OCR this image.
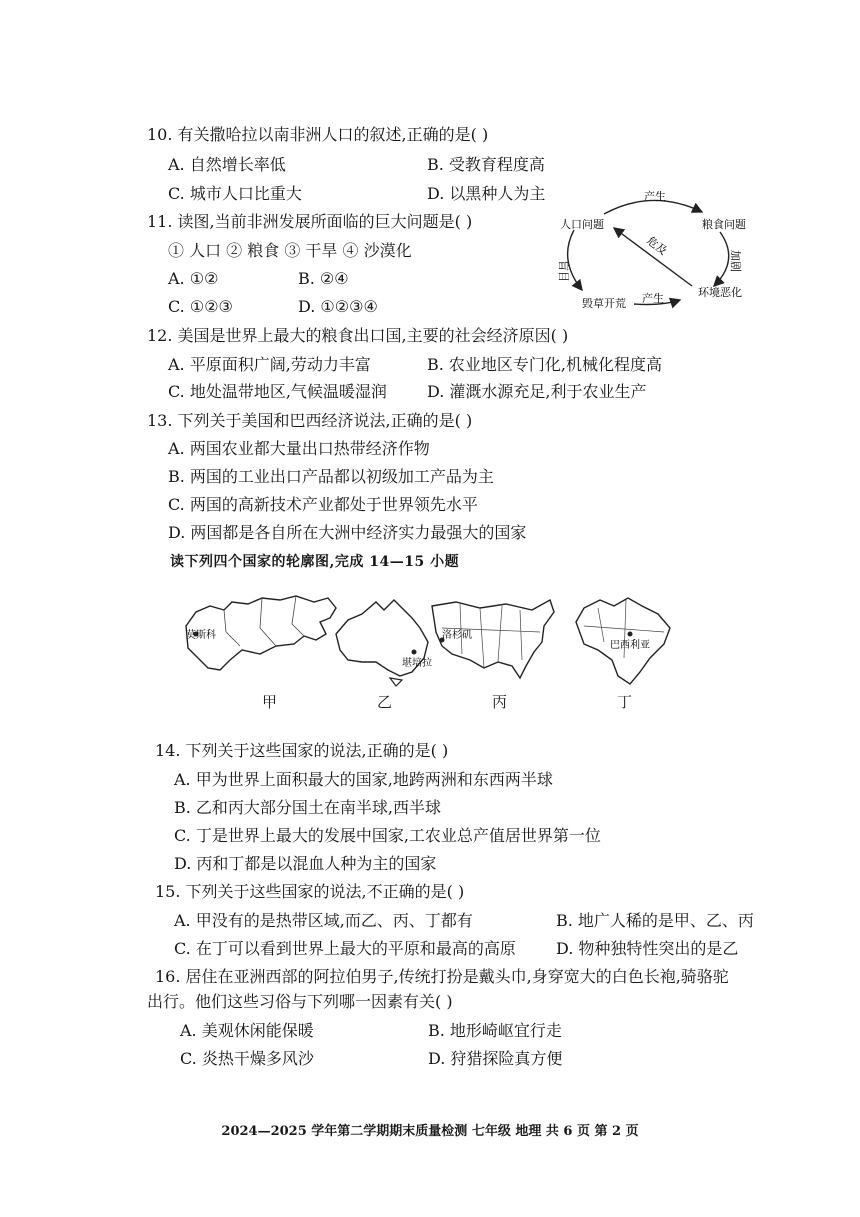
10. 有关撒哈拉以南非洲人口的叙述,正确的是( )
A. 自然增长率低	B. 受教育程度高
C. 城市人口比重大	D. 以黑种人为主
11. 读图,当前非洲发展所面临的巨大问题是( )
① 人口 ② 粮食 ③ 干旱 ④ 沙漠化
A. ①②	B. ②④
C. ①②③	D. ①②③④
人口问题	粮食问题
环境恶化
毁草开荒
产生
产生
盲目	加剧
危及
12. 美国是世界上最大的粮食出口国,主要的社会经济原因( )
A. 平原面积广阔,劳动力丰富	B. 农业地区专门化,机械化程度高
C. 地处温带地区,气候温暖湿润	D. 灌溉水源充足,利于农业生产
13. 下列关于美国和巴西经济说法,正确的是( )
A. 两国农业都大量出口热带经济作物
B. 两国的工业出口产品都以初级加工产品为主
C. 两国的高新技术产业都处于世界领先水平
D. 两国都是各自所在大洲中经济实力最强大的国家
读下列四个国家的轮廓图,完成 14—15 小题
莫斯科
堪培拉
洛杉矶
巴西利亚
甲	乙	丙	丁
14. 下列关于这些国家的说法,正确的是( )
A. 甲为世界上面积最大的国家,地跨两洲和东西两半球
B. 乙和丙大部分国土在南半球,西半球
C. 丁是世界上最大的发展中国家,工农业总产值居世界第一位
D. 丙和丁都是以混血人种为主的国家
15. 下列关于这些国家的说法,不正确的是( )
A. 甲没有的是热带区域,而乙、丙、丁都有	B. 地广人稀的是甲、乙、丙
C. 在丁可以看到世界上最大的平原和最高的高原	D. 物种独特性突出的是乙
16. 居住在亚洲西部的阿拉伯男子,传统打扮是戴头巾,身穿宽大的白色长袍,骑骆驼
出行。他们这些习俗与下列哪一因素有关( )
A. 美观休闲能保暖	B. 地形崎岖宜行走
C. 炎热干燥多风沙	D. 狩猎探险真方便
2024—2025 学年第二学期期末质量检测 七年级 地理 共 6 页 第 2 页
